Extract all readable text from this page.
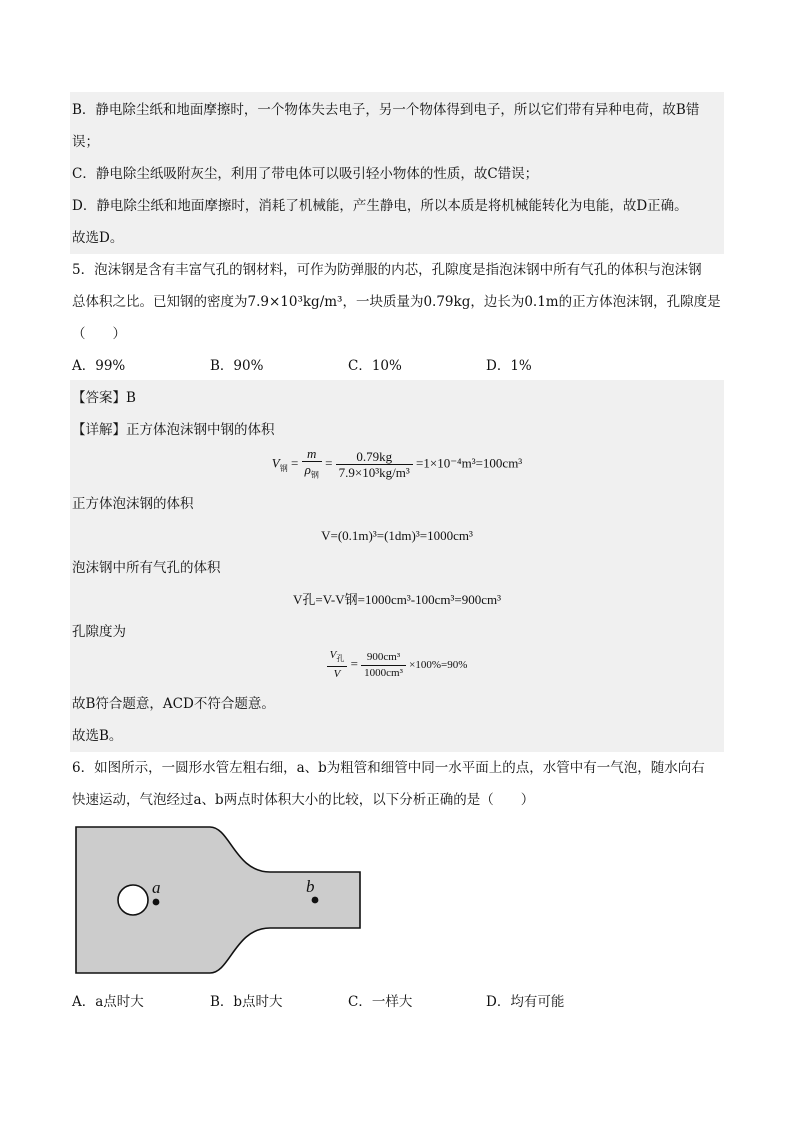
B．静电除尘纸和地面摩擦时，一个物体失去电子，另一个物体得到电子，所以它们带有异种电荷，故B错
误；
C．静电除尘纸吸附灰尘，利用了带电体可以吸引轻小物体的性质，故C错误；
D．静电除尘纸和地面摩擦时，消耗了机械能，产生静电，所以本质是将机械能转化为电能，故D正确。
故选D。
5．泡沫钢是含有丰富气孔的钢材料，可作为防弹服的内芯，孔隙度是指泡沫钢中所有气孔的体积与泡沫钢
总体积之比。已知钢的密度为7.9×10³kg/m³，一块质量为0.79kg，边长为0.1m的正方体泡沫钢，孔隙度是
（　　）
A．99%	B．90%	C．10%	D．1%
【答案】B
【详解】正方体泡沫钢中钢的体积
$V_钢 = \frac{m}{\rho_钢} = \frac{0.79kg}{\text{7.9×10³kg/m³}} =1\times 10^{-4}m^3=100cm^3$
正方体泡沫钢的体积
V=(0.1m)³=(1dm)³=1000cm³
泡沫钢中所有气孔的体积
V孔=V-V钢=1000cm³-100cm³=900cm³
孔隙度为
$\frac{V_孔}{V} = \frac{\text{900cm³}}{\text{1000cm³}} \times 100\%=90\%$
故B符合题意，ACD不符合题意。
故选B。
6．如图所示，一圆形水管左粗右细，a、b为粗管和细管中同一水平面上的点，水管中有一气泡，随水向右
快速运动，气泡经过a、b两点时体积大小的比较，以下分析正确的是（　　）
a	b
A．a点时大	B．b点时大	C．一样大	D．均有可能
